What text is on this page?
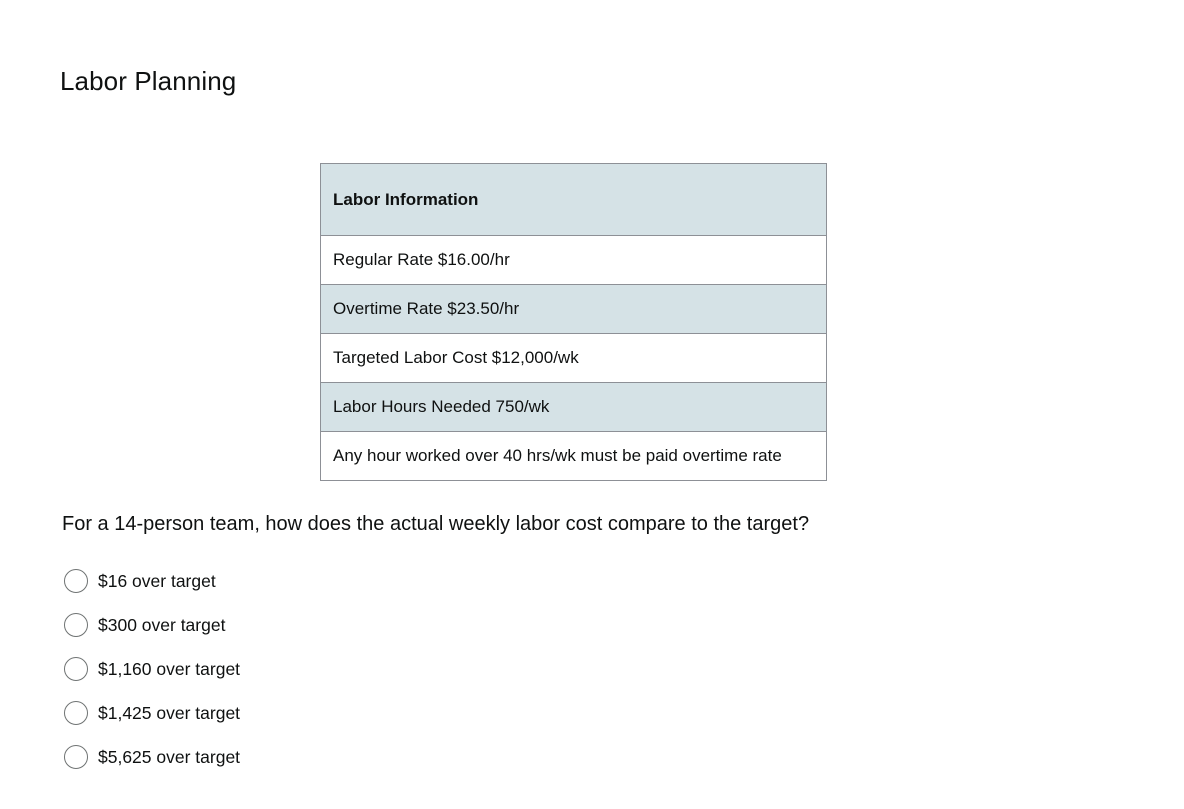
Labor Planning
Labor Information
Regular Rate $16.00/hr
Overtime Rate $23.50/hr
Targeted Labor Cost $12,000/wk
Labor Hours Needed 750/wk
Any hour worked over 40 hrs/wk must be paid overtime rate

For a 14-person team, how does the actual weekly labor cost compare to the target?

$16 over target
$300 over target
$1,160 over target
$1,425 over target
$5,625 over target
